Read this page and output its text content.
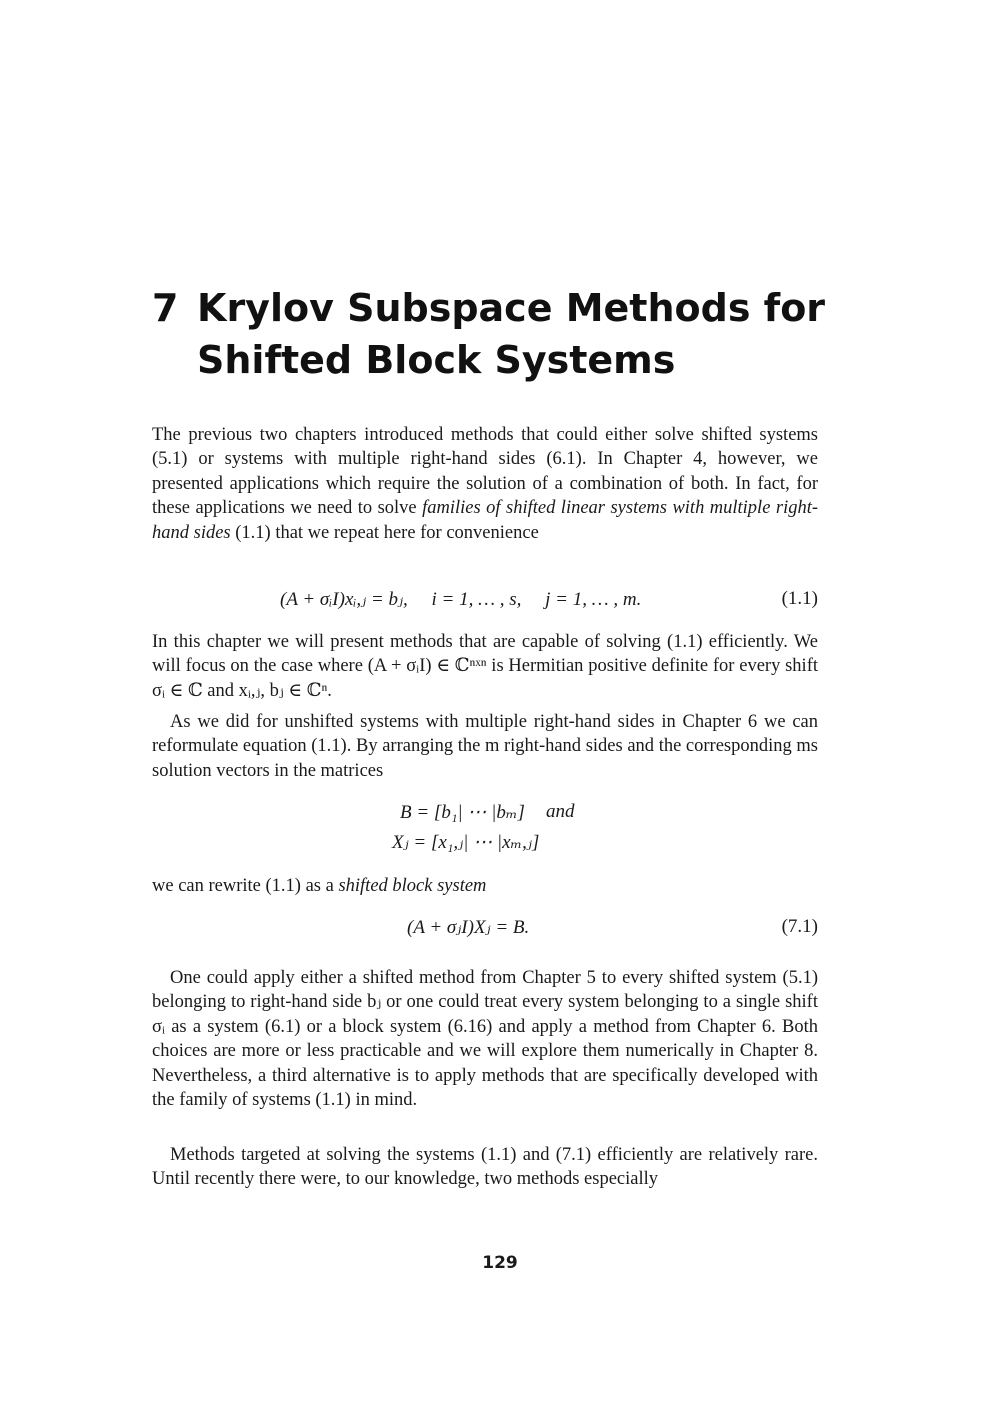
7 Krylov Subspace Methods for
Shifted Block Systems

The previous two chapters introduced methods that could either solve shifted systems (5.1) or systems with multiple right-hand sides (6.1). In Chapter 4, however, we presented applications which require the solution of a combination of both. In fact, for these applications we need to solve families of shifted linear systems with multiple right-hand sides (1.1) that we repeat here for convenience

(A + σᵢI)xᵢ,ⱼ = bⱼ,     i = 1, … , s,     j = 1, … , m.	(1.1)

In this chapter we will present methods that are capable of solving (1.1) efficiently. We will focus on the case where (A + σᵢI) ∈ ℂⁿˣⁿ is Hermitian positive definite for every shift σᵢ ∈ ℂ and xᵢ,ⱼ, bⱼ ∈ ℂⁿ.

As we did for unshifted systems with multiple right-hand sides in Chapter 6 we can reformulate equation (1.1). By arranging the m right-hand sides and the corresponding ms solution vectors in the matrices

B = [b₁| ⋯ |bₘ] and
Xⱼ = [x₁,ⱼ| ⋯ |xₘ,ⱼ]

we can rewrite (1.1) as a shifted block system

(A + σⱼI)Xⱼ = B.	(7.1)

One could apply either a shifted method from Chapter 5 to every shifted system (5.1) belonging to right-hand side bⱼ or one could treat every system belonging to a single shift σᵢ as a system (6.1) or a block system (6.16) and apply a method from Chapter 6. Both choices are more or less practicable and we will explore them numerically in Chapter 8. Nevertheless, a third alternative is to apply methods that are specifically developed with the family of systems (1.1) in mind.

Methods targeted at solving the systems (1.1) and (7.1) efficiently are relatively rare. Until recently there were, to our knowledge, two methods especially

129
